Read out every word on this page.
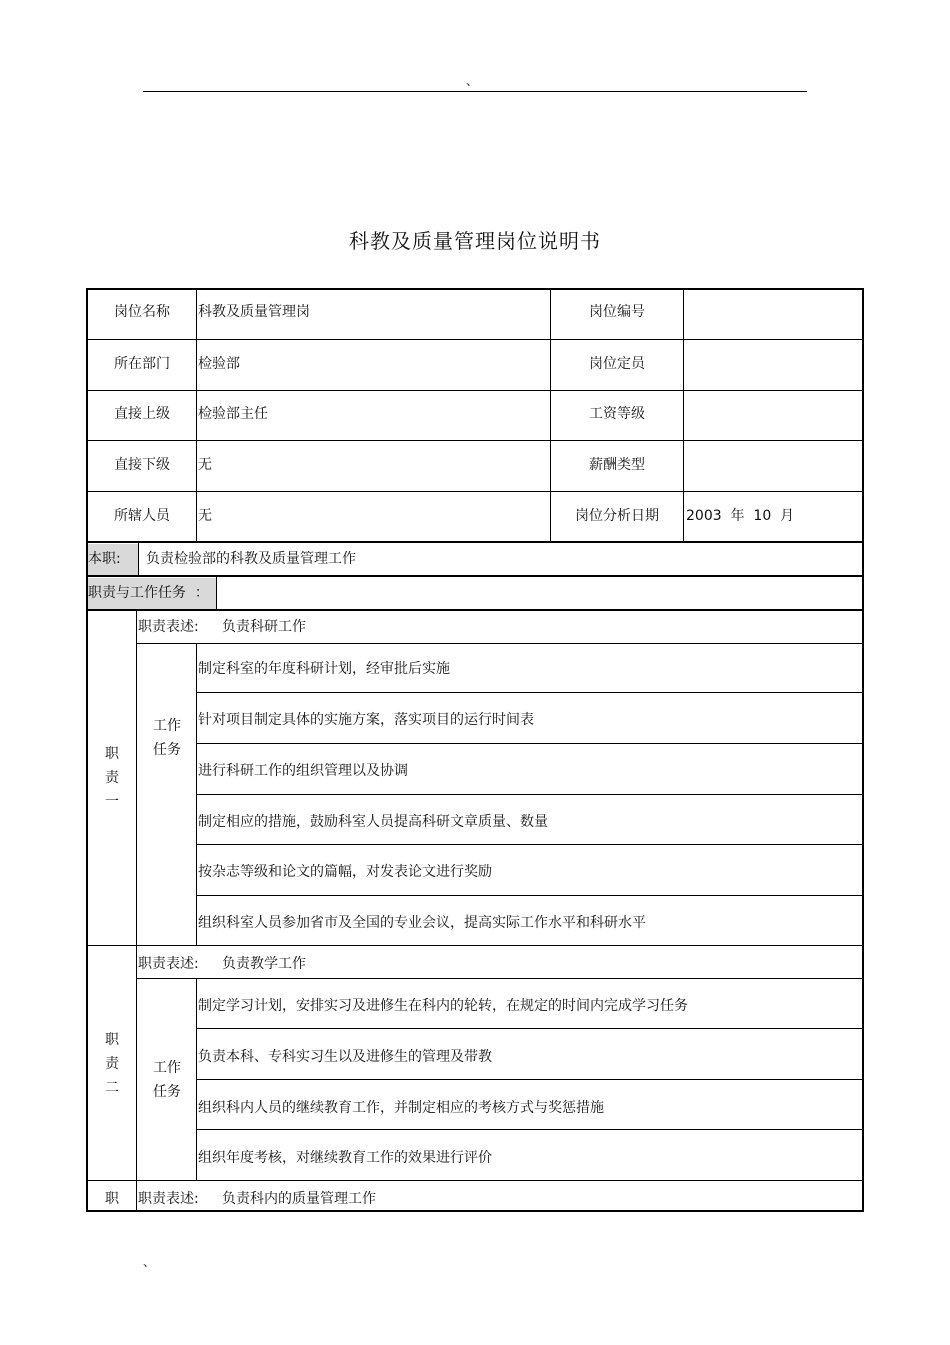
、
科教及质量管理岗位说明书
岗位名称	科教及质量管理岗	岗位编号
所在部门	检验部	岗位定员
直接上级	检验部主任	工资等级
直接下级	无	薪酬类型
所辖人员	无	岗位分析日期	2003  年  10  月
本职: 负责检验部的科教及质量管理工作
职责与工作任务  ：
职
责
一
职责表述: 负责科研工作
工作
任务
制定科室的年度科研计划，经审批后实施
针对项目制定具体的实施方案，落实项目的运行时间表
进行科研工作的组织管理以及协调
制定相应的措施，鼓励科室人员提高科研文章质量、数量
按杂志等级和论文的篇幅，对发表论文进行奖励
组织科室人员参加省市及全国的专业会议，提高实际工作水平和科研水平
职
责
二
职责表述: 负责教学工作
工作
任务
制定学习计划，安排实习及进修生在科内的轮转，在规定的时间内完成学习任务
负责本科、专科实习生以及进修生的管理及带教
组织科内人员的继续教育工作，并制定相应的考核方式与奖惩措施
组织年度考核，对继续教育工作的效果进行评价
职	职责表述: 负责科内的质量管理工作
、
